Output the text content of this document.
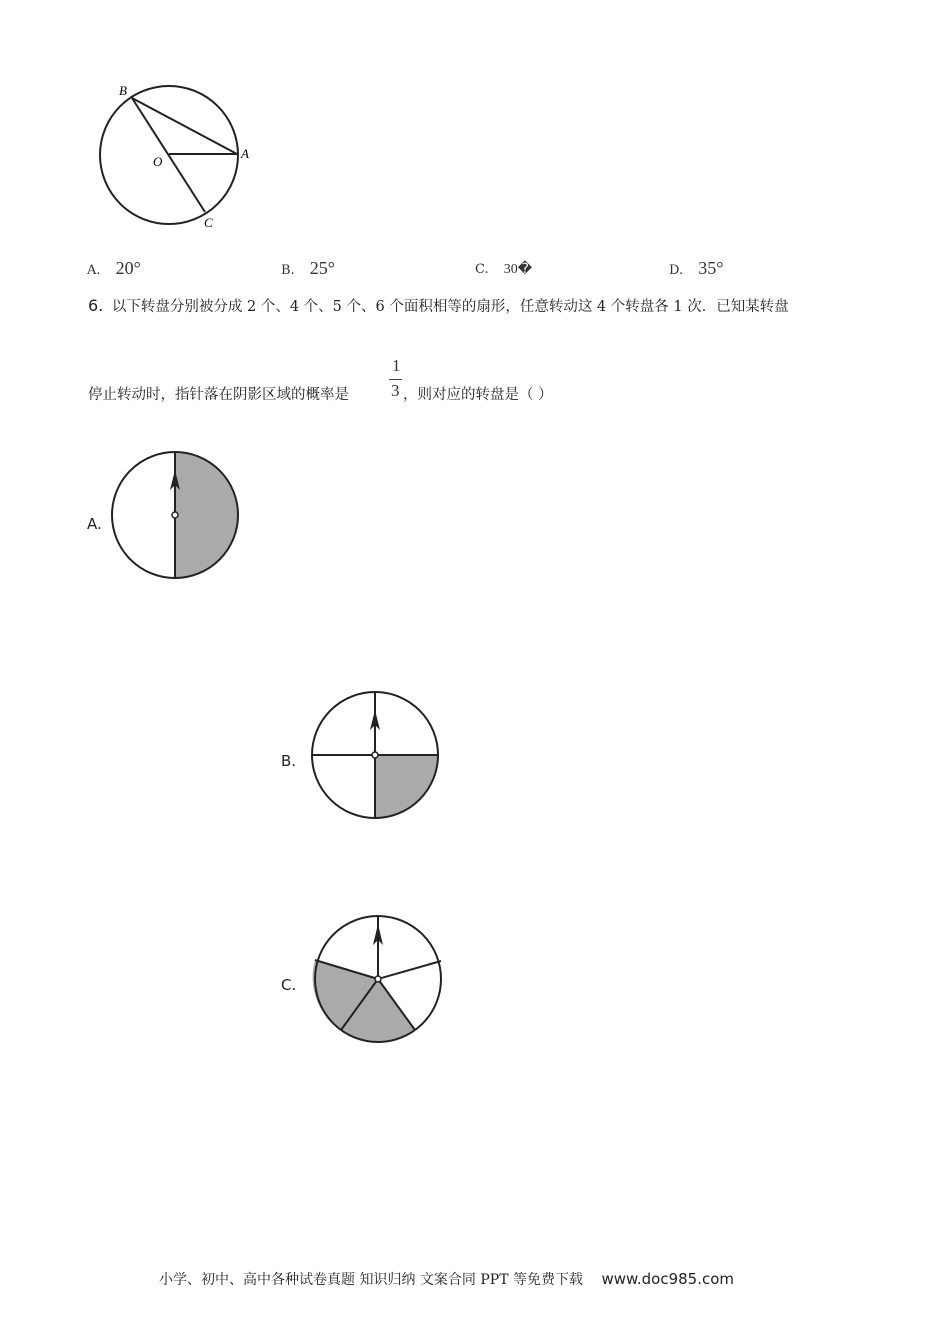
B
O
A
C
A. 20°	B. 25°	C. 30�	D. 35°
6. 以下转盘分别被分成 2 个、4 个、5 个、6 个面积相等的扇形，任意转动这 4 个转盘各 1 次．已知某转盘
停止转动时，指针落在阴影区域的概率是
1
3 ，则对应的转盘是（ ）
A.
B.
C.
小学、初中、高中各种试卷真题 知识归纳 文案合同 PPT 等免费下载 www.doc985.com
